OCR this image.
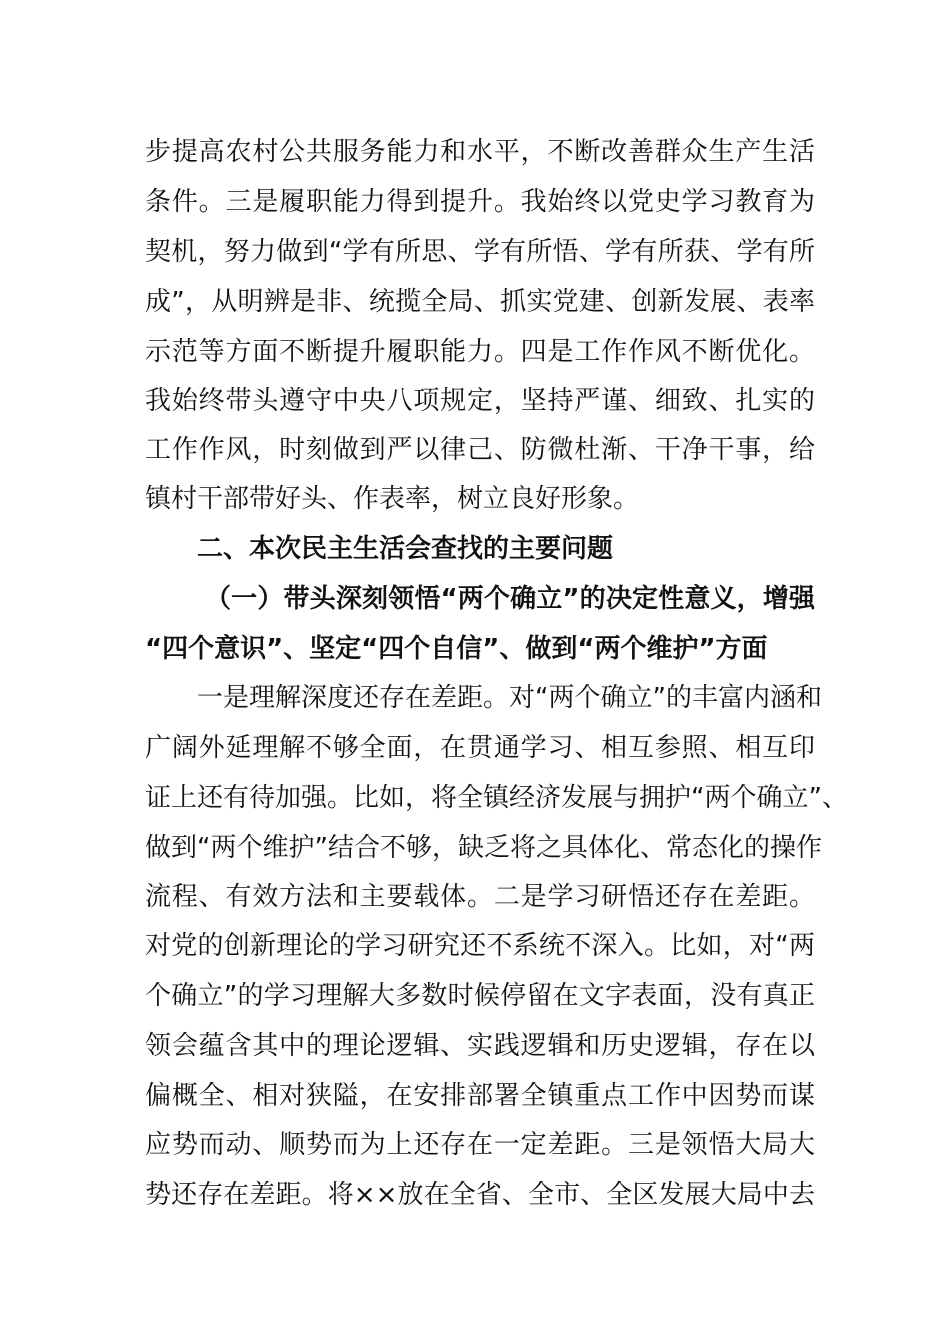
步提高农村公共服务能力和水平，不断改善群众生产生活
条件。三是履职能力得到提升。我始终以党史学习教育为
契机，努力做到“学有所思、学有所悟、学有所获、学有所
成”，从明辨是非、统揽全局、抓实党建、创新发展、表率
示范等方面不断提升履职能力。四是工作作风不断优化。
我始终带头遵守中央八项规定，坚持严谨、细致、扎实的
工作作风，时刻做到严以律己、防微杜渐、干净干事，给
镇村干部带好头、作表率，树立良好形象。
二、本次民主生活会查找的主要问题
（一）带头深刻领悟“两个确立”的决定性意义，增强
“四个意识”、坚定“四个自信”、做到“两个维护”方面
一是理解深度还存在差距。对“两个确立”的丰富内涵和
广阔外延理解不够全面，在贯通学习、相互参照、相互印
证上还有待加强。比如，将全镇经济发展与拥护“两个确立”、
做到“两个维护”结合不够，缺乏将之具体化、常态化的操作
流程、有效方法和主要载体。二是学习研悟还存在差距。
对党的创新理论的学习研究还不系统不深入。比如，对“两
个确立”的学习理解大多数时候停留在文字表面，没有真正
领会蕴含其中的理论逻辑、实践逻辑和历史逻辑，存在以
偏概全、相对狭隘，在安排部署全镇重点工作中因势而谋
应势而动、顺势而为上还存在一定差距。三是领悟大局大
势还存在差距。将××放在全省、全市、全区发展大局中去
